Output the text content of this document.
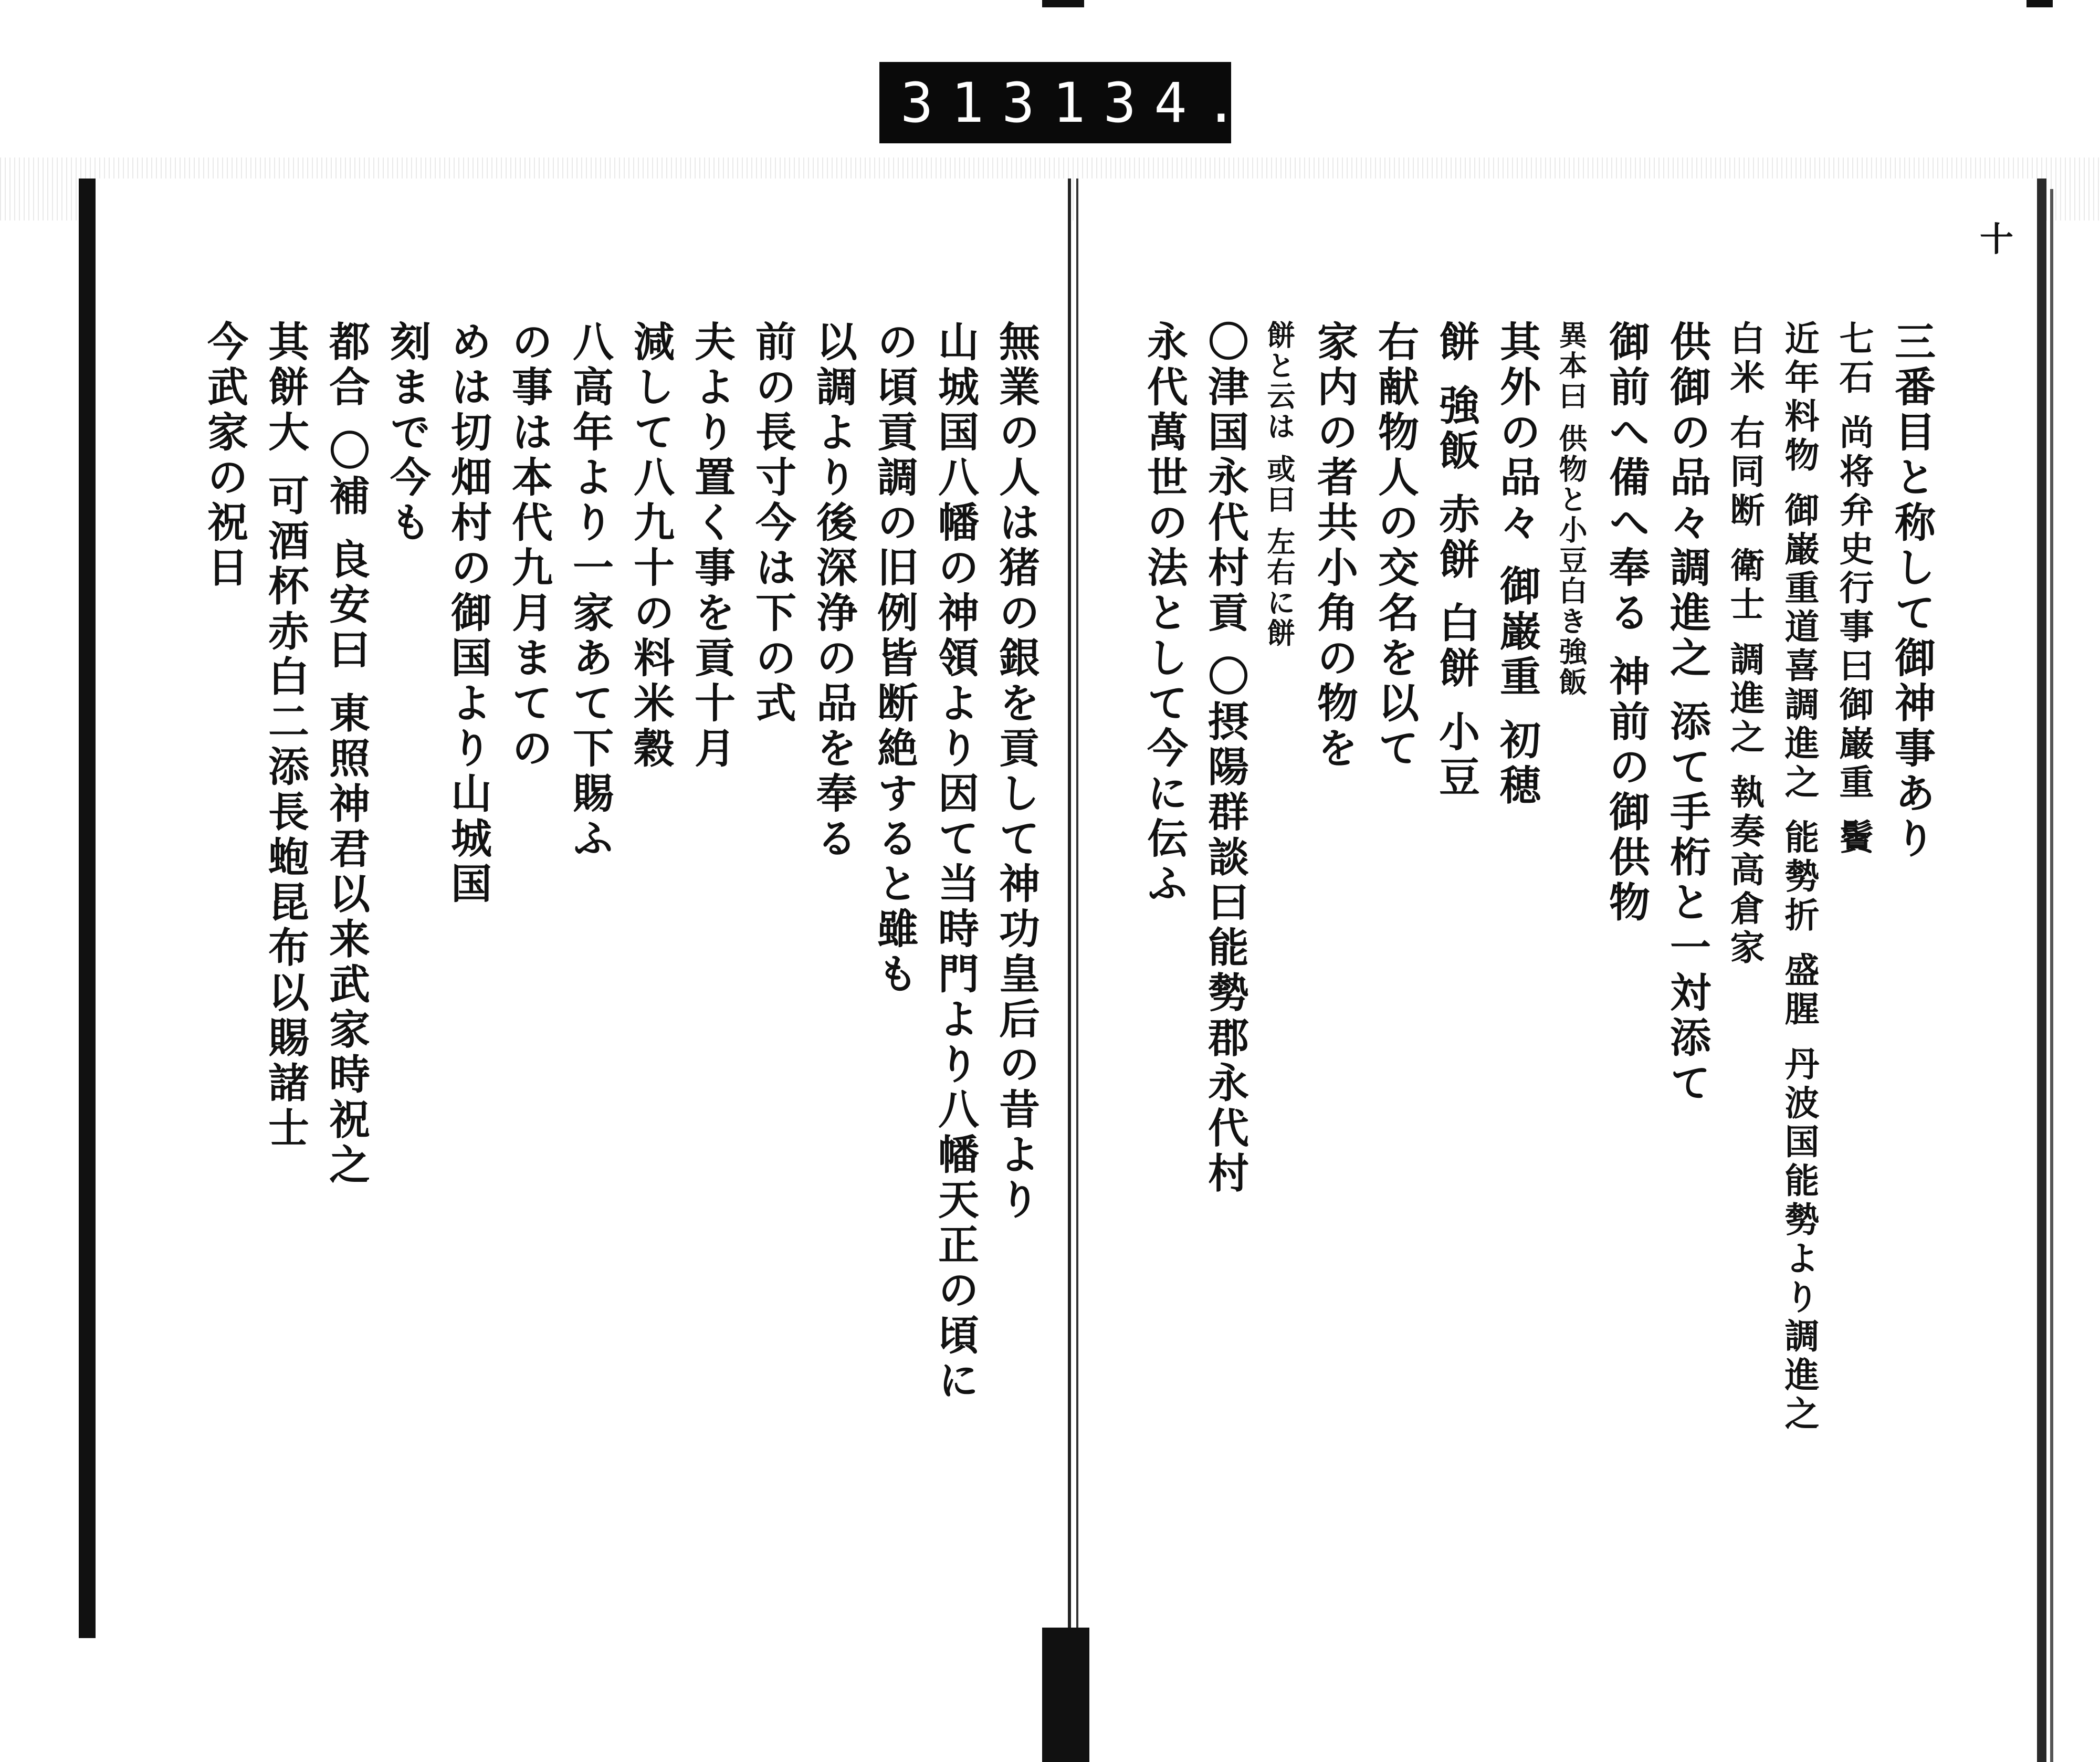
313 134.
無業の人は猪の銀を貢して神功皇后の昔より
山城国八幡の神領より因て当時門より八幡天正の頃に
の頃貢調の旧例皆断絶すると雖も
以調より後深浄の品を奉る
前の長寸今は下の式
夫より置く事を貢十月
減して八九十の料米穀
八高年より一家あて下賜ふ
の事は本代九月まての
めは切畑村の御国より山城国
刻まで今も
都合 〇補 良安曰 東照神君以来武家時祝之
其餅大 可酒杯赤白二添長蚫昆布以賜諸士
今武家の祝日
十
三番目と称して御神事あり
七石 尚将弁史行事曰御巌重 鬢
近年料物 御巌重道喜調進之 能勢折 盛腥 丹波国能勢より調進之
白米 右同断 衛士 調進之 執奏高倉家
供御の品々調進之 添て手桁と一対添て
御前へ備へ奉る 神前の御供物
異本曰 供物と小豆白き強飯
其外の品々 御巌重 初穂
餅 強飯 赤餅 白餅 小豆
右献物人の交名を以て
家内の者共小角の物を
餅と云は 或曰 左右に餅
〇津国永代村貢 〇摂陽群談曰能勢郡永代村
永代萬世の法として今に伝ふ
